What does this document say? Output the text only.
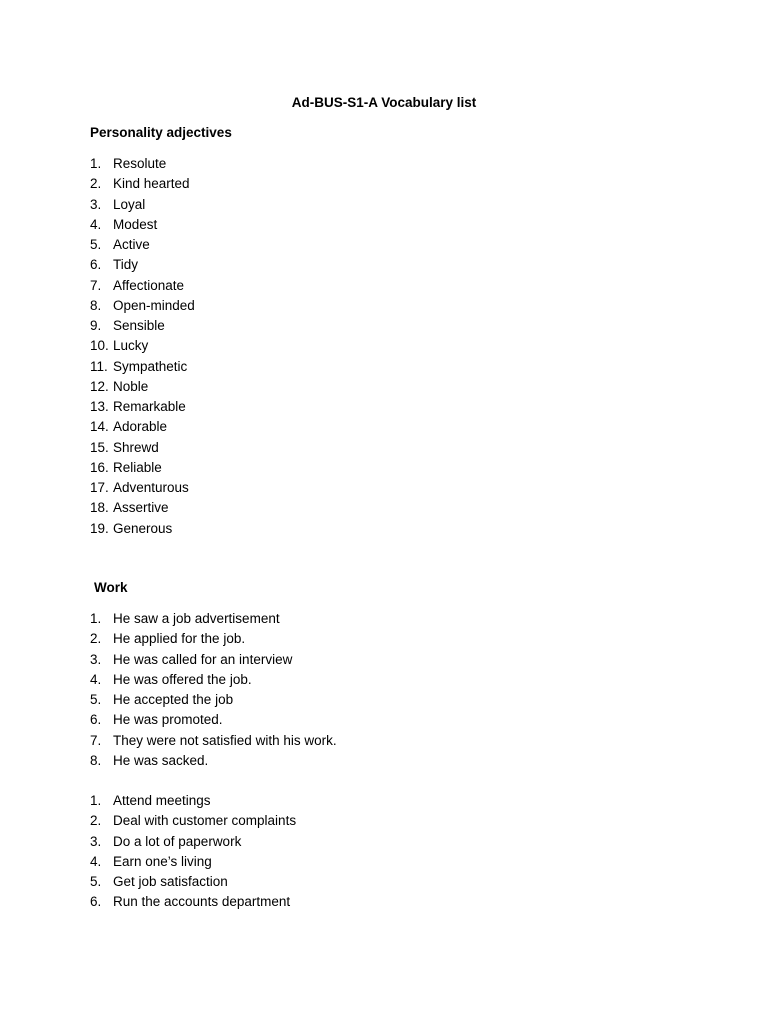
Ad-BUS-S1-A Vocabulary list
Personality adjectives
1. Resolute
2. Kind hearted
3. Loyal
4. Modest
5. Active
6. Tidy
7. Affectionate
8. Open-minded
9. Sensible
10. Lucky
11. Sympathetic
12. Noble
13. Remarkable
14. Adorable
15. Shrewd
16. Reliable
17. Adventurous
18. Assertive
19. Generous
Work
1. He saw a job advertisement
2. He applied for the job.
3. He was called for an interview
4. He was offered the job.
5. He accepted the job
6. He was promoted.
7. They were not satisfied with his work.
8. He was sacked.
1. Attend meetings
2. Deal with customer complaints
3. Do a lot of paperwork
4. Earn one’s living
5. Get job satisfaction
6. Run the accounts department
